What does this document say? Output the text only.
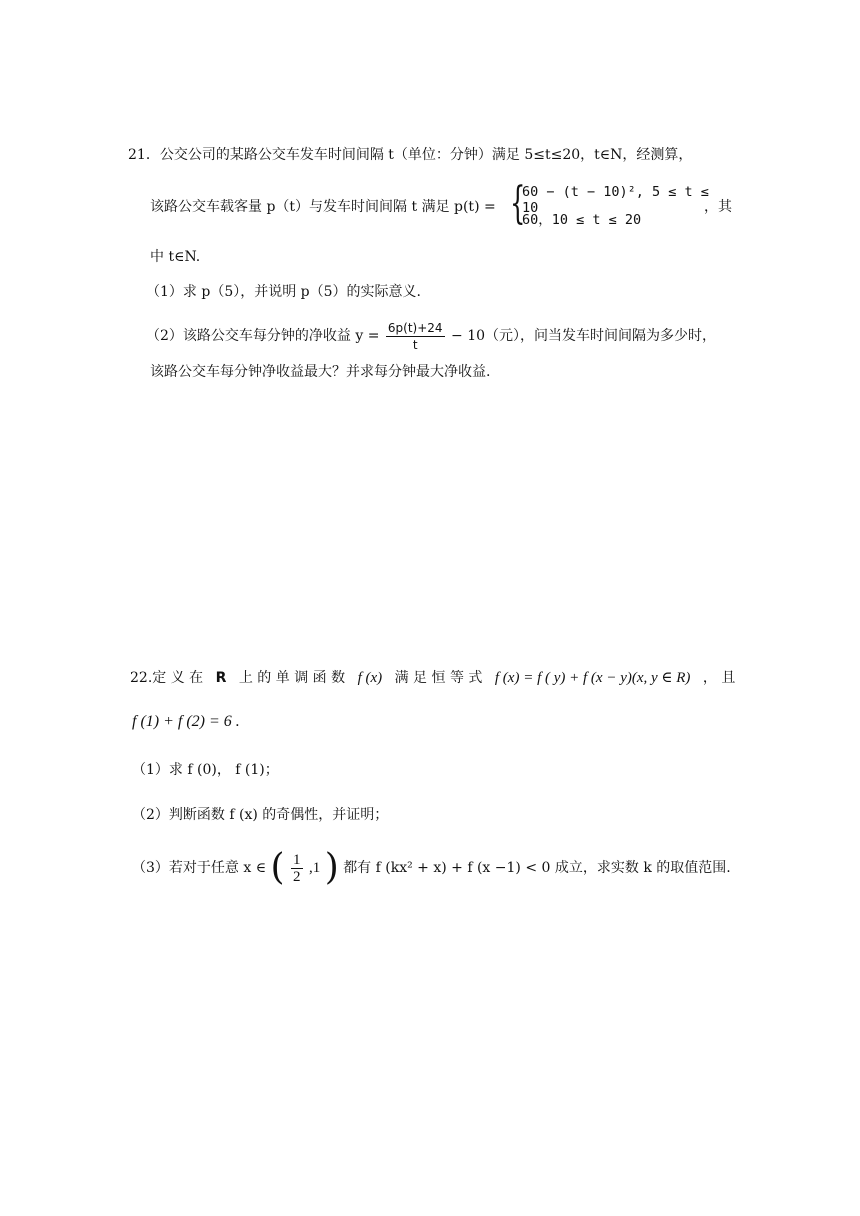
21．公交公司的某路公交车发车时间间隔 t（单位：分钟）满足 5≤t≤20，t∈N，经测算，
该路公交车载客量 p（t）与发车时间间隔 t 满足 p(t) = {
60 − (t − 10)², 5 ≤ t ≤ 10
60，10 ≤ t ≤ 20
，其
中 t∈N.
（1）求 p（5），并说明 p（5）的实际意义.
（2）该路公交车每分钟的净收益 $y = \frac{6p(t)+24}{t} - 10$（元），问当发车时间间隔为多少时，
该路公交车每分钟净收益最大？并求每分钟最大净收益.
22.定 义 在 R 上 的 单 调 函 数 f (x) 满 足 恒 等 式 f (x) = f ( y) + f (x − y)(x, y ∈ R) ， 且
f (1) + f (2) = 6 .
（1）求 f (0)， f (1)；
（2）判断函数 f (x) 的奇偶性，并证明；
（3）若对于任意 x ∈ ( $\frac{1}{2} ,1$ ) 都有 f (kx² + x) + f (x −1) < 0 成立，求实数 k 的取值范围.
